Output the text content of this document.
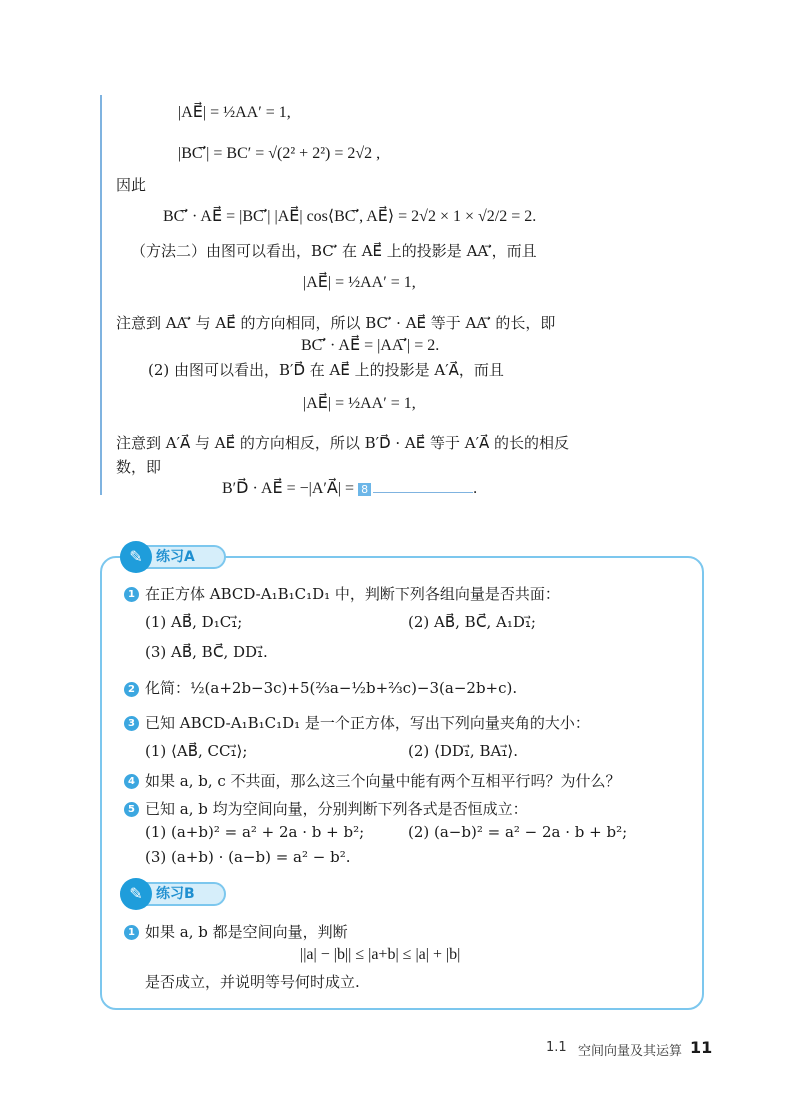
|AE⃗| = ½AA′ = 1,
|BC′⃗| = BC′ = √(2² + 2²) = 2√2 ,
因此
BC′⃗ · AE⃗ = |BC′⃗| |AE⃗| cos⟨BC′⃗, AE⃗⟩ = 2√2 × 1 × √2/2 = 2.
（方法二）由图可以看出，BC′⃗ 在 AE⃗ 上的投影是 AA′⃗，而且
|AE⃗| = ½AA′ = 1,
注意到 AA′⃗ 与 AE⃗ 的方向相同，所以 BC′⃗ · AE⃗ 等于 AA′⃗ 的长，即
BC′⃗ · AE⃗ = |AA′⃗| = 2.
(2) 由图可以看出，B′D⃗ 在 AE⃗ 上的投影是 A′A⃗，而且
|AE⃗| = ½AA′ = 1,
注意到 A′A⃗ 与 AE⃗ 的方向相反，所以 B′D⃗ · AE⃗ 等于 A′A⃗ 的长的相反
数，即
B′D⃗ · AE⃗ = −|A′A⃗| = 8	.
✎ 练习A
1 在正方体 ABCD-A₁B₁C₁D₁ 中，判断下列各组向量是否共面：
(1) AB⃗, D₁C₁⃗;	(2) AB⃗, BC⃗, A₁D₁⃗;
(3) AB⃗, BC⃗, DD₁⃗.
2 化简：½(a+2b−3c)+5(⅔a−½b+⅔c)−3(a−2b+c).
3 已知 ABCD-A₁B₁C₁D₁ 是一个正方体，写出下列向量夹角的大小：
(1) ⟨AB⃗, CC₁⃗⟩;	(2) ⟨DD₁⃗, BA₁⃗⟩.
4 如果 a, b, c 不共面，那么这三个向量中能有两个互相平行吗？为什么？
5 已知 a, b 均为空间向量，分别判断下列各式是否恒成立：
(1) (a+b)² = a² + 2a · b + b²;	(2) (a−b)² = a² − 2a · b + b²;
(3) (a+b) · (a−b) = a² − b².
✎ 练习B
1 如果 a, b 都是空间向量，判断
||a| − |b|| ≤ |a+b| ≤ |a| + |b|
是否成立，并说明等号何时成立.
1.1 空间向量及其运算 11
